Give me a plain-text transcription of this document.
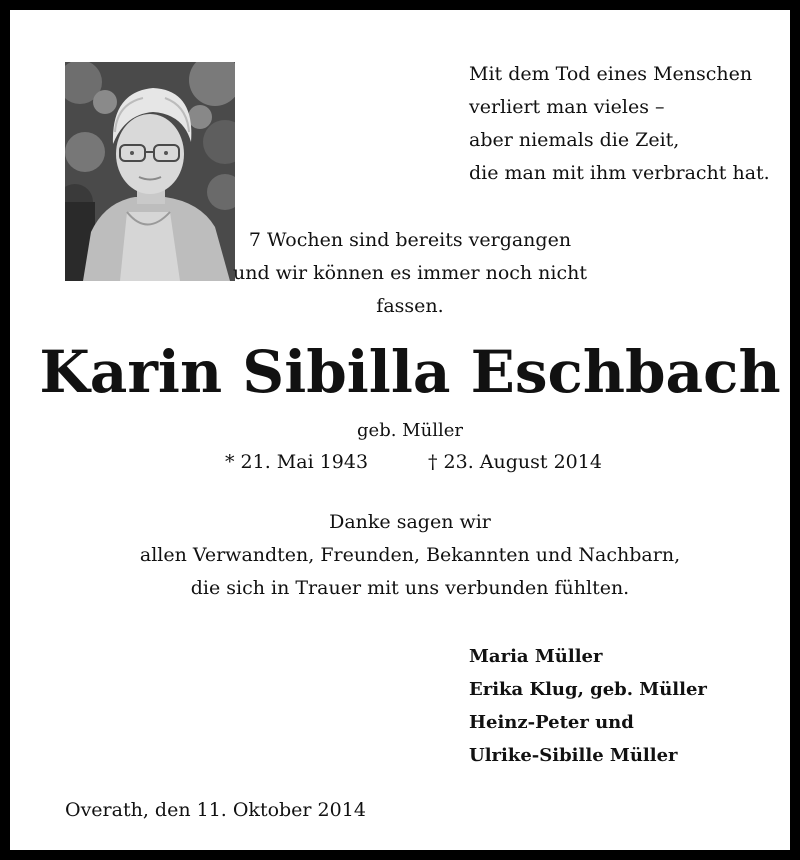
Mit dem Tod eines Menschen
verliert man vieles –
aber niemals die Zeit,
die man mit ihm verbracht hat.
7 Wochen sind bereits vergangen
und wir können es immer noch nicht fassen.
Karin Sibilla Eschbach
geb. Müller
* 21. Mai 1943	† 23. August 2014
Danke sagen wir
allen Verwandten, Freunden, Bekannten und Nachbarn,
die sich in Trauer mit uns verbunden fühlten.
Maria Müller
Erika Klug, geb. Müller
Heinz-Peter und
Ulrike-Sibille Müller
Overath, den 11. Oktober 2014
